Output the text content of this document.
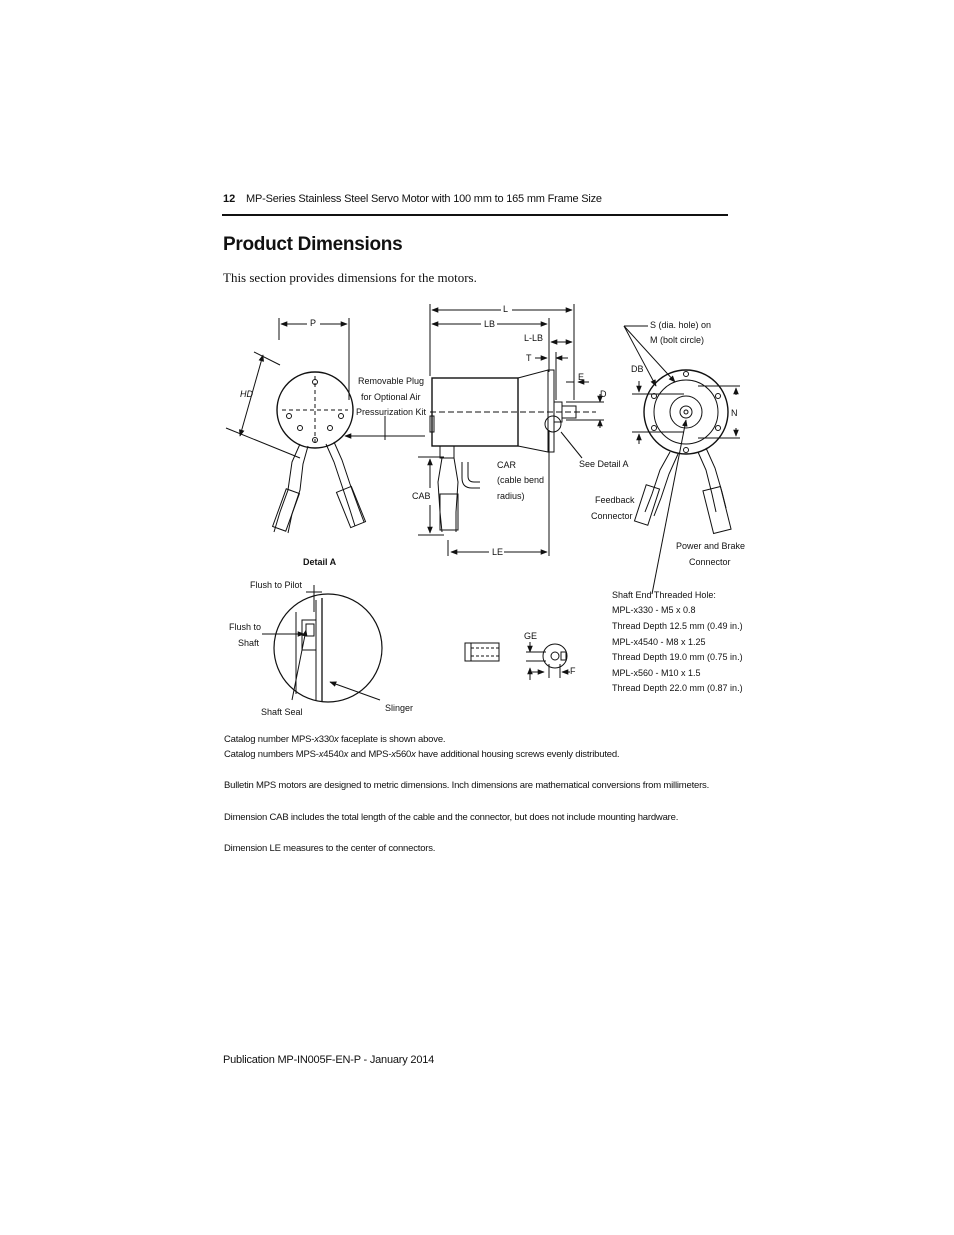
12 MP-Series Stainless Steel Servo Motor with 100 mm to 165 mm Frame Size
Product Dimensions
This section provides dimensions for the motors.
P
HD
L
LB
L-LB
T
E
D
DB
N
CAB
LE
GE
F
Removable Plug
for Optional Air
Pressurization Kit
CAR
(cable bend
radius)
See Detail A
S (dia. hole) on
M (bolt circle)
Feedback
Connector
Power and Brake
Connector
Detail A
Flush to Pilot
Flush to
Shaft
Shaft Seal	Slinger
Shaft End Threaded Hole:
MPL-x330 - M5 x 0.8
Thread Depth 12.5 mm (0.49 in.)
MPL-x4540 - M8 x 1.25
Thread Depth 19.0 mm (0.75 in.)
MPL-x560 - M10 x 1.5
Thread Depth 22.0 mm (0.87 in.)
Catalog number MPS-x330x faceplate is shown above.
Catalog numbers MPS-x4540x and MPS-x560x have additional housing screws evenly distributed.
Bulletin MPS motors are designed to metric dimensions. Inch dimensions are mathematical conversions from millimeters.
Dimension CAB includes the total length of the cable and the connector, but does not include mounting hardware.
Dimension LE measures to the center of connectors.
Publication MP-IN005F-EN-P - January 2014
